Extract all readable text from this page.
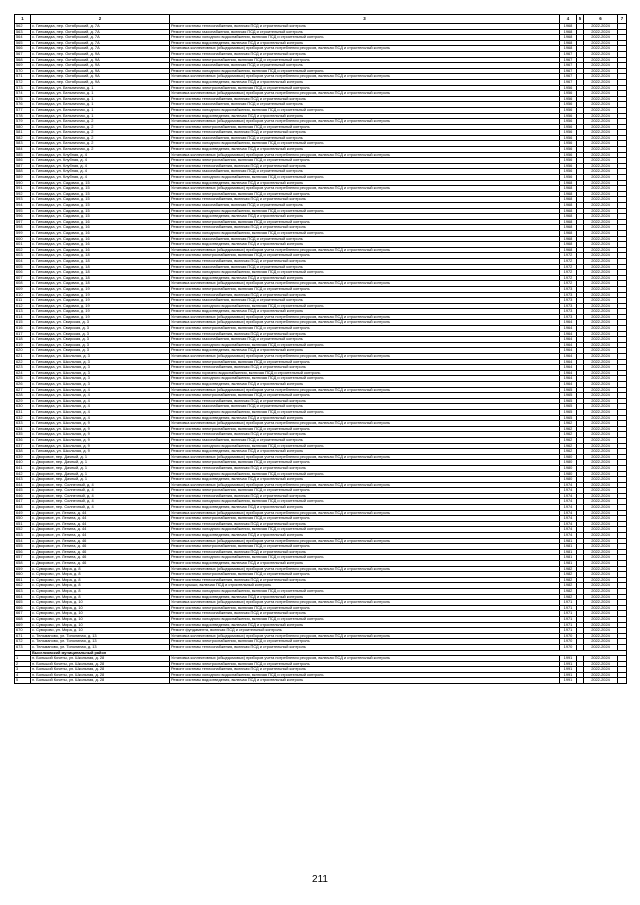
1	2	3	4	5	6	7
562	с. Гинкавдза, пер. Октябрьский, д. 7А	Ремонт системы теплоснабжения, включая ПСД и строительный контроль	1968		2022-2024	
563	с. Гинкавдза, пер. Октябрьский, д. 7А	Ремонт системы газоснабжения, включая ПСД и строительный контроль	1968		2022-2024	
564	с. Гинкавдза, пер. Октябрьский, д. 7А	Ремонт системы холодного водоснабжения, включая ПСД и строительный контроль	1968		2022-2024	
565	с. Гинкавдза, пер. Октябрьский, д. 7А	Ремонт системы водоотведения, включая ПСД и строительный контроль	1968		2022-2024	
566	с. Гинкавдза, пер. Октябрьский, д. 7А	Установка коллективных (общедомовых) приборов учета потребления ресурсов, включая ПСД и строительный контроль	1968		2022-2024	
567	с. Гинкавдза, пер. Октябрьский, д. 9А	Ремонт системы теплоснабжения, включая ПСД и строительный контроль	1967		2022-2024	
568	с. Гинкавдза, пер. Октябрьский, д. 9А	Ремонт системы электроснабжения, включая ПСД и строительный контроль	1967		2022-2024	
569	с. Гинкавдза, пер. Октябрьский, д. 9А	Ремонт системы газоснабжения, включая ПСД и строительный контроль	1967		2022-2024	
570	с. Гинкавдза, пер. Октябрьский, д. 9А	Ремонт системы холодного водоснабжения, включая ПСД и строительный контроль	1967		2022-2024	
571	с. Гинкавдза, пер. Октябрьский, д. 9А	Установка коллективных (общедомовых) приборов учета потребления ресурсов, включая ПСД и строительный контроль	1967		2022-2024	
572	с. Гинкавдза, пер. Октябрьский, д. 9А	Ремонт системы водоотведения, включая ПСД и строительный контроль	1967		2022-2024	
573	с. Гинкавдза, ул. Бельничная, д. 1	Ремонт системы электроснабжения, включая ПСД и строительный контроль	1956		2022-2024	
574	с. Гинкавдза, ул. Бельничная, д. 1	Установка коллективных (общедомовых) приборов учета потребления ресурсов, включая ПСД и строительный контроль	1956		2022-2024	
575	с. Гинкавдза, ул. Бельничная, д. 1	Ремонт системы теплоснабжения, включая ПСД и строительный контроль	1956		2022-2024	
576	с. Гинкавдза, ул. Бельничная, д. 1	Ремонт системы газоснабжения, включая ПСД и строительный контроль	1956		2022-2024	
577	с. Гинкавдза, ул. Бельничная, д. 1	Ремонт системы холодного водоснабжения, включая ПСД и строительный контроль	1956		2022-2024	
578	с. Гинкавдза, ул. Бельничная, д. 1	Ремонт системы водоотведения, включая ПСД и строительный контроль	1956		2022-2024	
579	с. Гинкавдза, ул. Бельничная, д. 2	Установка коллективных (общедомовых) приборов учета потребления ресурсов, включая ПСД и строительный контроль	1956		2022-2024	
580	с. Гинкавдза, ул. Бельничная, д. 2	Ремонт системы электроснабжения, включая ПСД и строительный контроль	1956		2022-2024	
581	с. Гинкавдза, ул. Бельничная, д. 2	Ремонт системы теплоснабжения, включая ПСД и строительный контроль	1956		2022-2024	
582	с. Гинкавдза, ул. Бельничная, д. 2	Ремонт системы газоснабжения, включая ПСД и строительный контроль	1956		2022-2024	
583	с. Гинкавдза, ул. Бельничная, д. 2	Ремонт системы холодного водоснабжения, включая ПСД и строительный контроль	1956		2022-2024	
584	с. Гинкавдза, ул. Бельничная, д. 2	Ремонт системы водоотведения, включая ПСД и строительный контроль	1956		2022-2024	
585	с. Гинкавдза, ул. Клубная, д. 4	Установка коллективных (общедомовых) приборов учета потребления ресурсов, включая ПСД и строительный контроль	1956		2022-2024	
586	с. Гинкавдза, ул. Клубная, д. 4	Ремонт системы электроснабжения, включая ПСД и строительный контроль	1956		2022-2024	
587	с. Гинкавдза, ул. Клубная, д. 4	Ремонт системы теплоснабжения, включая ПСД и строительный контроль	1956		2022-2024	
588	с. Гинкавдза, ул. Клубная, д. 4	Ремонт системы газоснабжения, включая ПСД и строительный контроль	1956		2022-2024	
589	с. Гинкавдза, ул. Клубная, д. 4	Ремонт системы холодного водоснабжения, включая ПСД и строительный контроль	1956		2022-2024	
590	с. Гинкавдза, ул. Садовая, д. 15	Ремонт системы водоотведения, включая ПСД и строительный контроль	1968		2022-2024	
591	с. Гинкавдза, ул. Садовая, д. 15	Установка коллективных (общедомовых) приборов учета потребления ресурсов, включая ПСД и строительный контроль	1968		2022-2024	
592	с. Гинкавдза, ул. Садовая, д. 15	Ремонт системы электроснабжения, включая ПСД и строительный контроль	1968		2022-2024	
593	с. Гинкавдза, ул. Садовая, д. 15	Ремонт системы теплоснабжения, включая ПСД и строительный контроль	1968		2022-2024	
594	с. Гинкавдза, ул. Садовая, д. 15	Ремонт системы газоснабжения, включая ПСД и строительный контроль	1968		2022-2024	
595	с. Гинкавдза, ул. Садовая, д. 15	Ремонт системы холодного водоснабжения, включая ПСД и строительный контроль	1968		2022-2024	
596	с. Гинкавдза, ул. Садовая, д. 15	Ремонт системы водоотведения, включая ПСД и строительный контроль	1968		2022-2024	
597	с. Гинкавдза, ул. Садовая, д. 16	Ремонт системы электроснабжения, включая ПСД и строительный контроль	1968		2022-2024	
598	с. Гинкавдза, ул. Садовая, д. 16	Ремонт системы теплоснабжения, включая ПСД и строительный контроль	1968		2022-2024	
599	с. Гинкавдза, ул. Садовая, д. 16	Ремонт системы холодного водоснабжения, включая ПСД и строительный контроль	1968		2022-2024	
600	с. Гинкавдза, ул. Садовая, д. 16	Ремонт системы газоснабжения, включая ПСД и строительный контроль	1968		2022-2024	
601	с. Гинкавдза, ул. Садовая, д. 16	Ремонт системы водоотведения, включая ПСД и строительный контроль	1968		2022-2024	
602	с. Гинкавдза, ул. Садовая, д. 16	Установка коллективных (общедомовых) приборов учета потребления ресурсов, включая ПСД и строительный контроль	1968		2022-2024	
603	с. Гинкавдза, ул. Садовая, д. 18	Ремонт системы электроснабжения, включая ПСД и строительный контроль	1972		2022-2024	
604	с. Гинкавдза, ул. Садовая, д. 18	Ремонт системы теплоснабжения, включая ПСД и строительный контроль	1972		2022-2024	
605	с. Гинкавдза, ул. Садовая, д. 18	Ремонт системы газоснабжения, включая ПСД и строительный контроль	1972		2022-2024	
606	с. Гинкавдза, ул. Садовая, д. 18	Ремонт системы холодного водоснабжения, включая ПСД и строительный контроль	1972		2022-2024	
607	с. Гинкавдза, ул. Садовая, д. 18	Ремонт системы водоотведения, включая ПСД и строительный контроль	1972		2022-2024	
608	с. Гинкавдза, ул. Садовая, д. 18	Установка коллективных (общедомовых) приборов учета потребления ресурсов, включая ПСД и строительный контроль	1972		2022-2024	
609	с. Гинкавдза, ул. Садовая, д. 19	Ремонт системы электроснабжения, включая ПСД и строительный контроль	1973		2022-2024	
610	с. Гинкавдза, ул. Садовая, д. 19	Ремонт системы теплоснабжения, включая ПСД и строительный контроль	1973		2022-2024	
611	с. Гинкавдза, ул. Садовая, д. 19	Ремонт системы газоснабжения, включая ПСД и строительный контроль	1973		2022-2024	
612	с. Гинкавдза, ул. Садовая, д. 19	Ремонт системы холодного водоснабжения, включая ПСД и строительный контроль	1973		2022-2024	
613	с. Гинкавдза, ул. Садовая, д. 19	Ремонт системы водоотведения, включая ПСД и строительный контроль	1973		2022-2024	
614	с. Гинкавдза, ул. Садовая, д. 19	Установка коллективных (общедомовых) приборов учета потребления ресурсов, включая ПСД и строительный контроль	1973		2022-2024	
615	с. Гинкавдза, ул. Свирская, д. 3	Установка коллективных (общедомовых) приборов учета потребления ресурсов, включая ПСД и строительный контроль	1964		2022-2024	
616	с. Гинкавдза, ул. Свирская, д. 3	Ремонт системы электроснабжения, включая ПСД и строительный контроль	1964		2022-2024	
617	с. Гинкавдза, ул. Свирская, д. 3	Ремонт системы теплоснабжения, включая ПСД и строительный контроль	1964		2022-2024	
618	с. Гинкавдза, ул. Свирская, д. 3	Ремонт системы газоснабжения, включая ПСД и строительный контроль	1964		2022-2024	
619	с. Гинкавдза, ул. Свирская, д. 3	Ремонт системы холодного водоснабжения, включая ПСД и строительный контроль	1964		2022-2024	
620	с. Гинкавдза, ул. Свирская, д. 3	Ремонт системы водоотведения, включая ПСД и строительный контроль	1964		2022-2024	
621	с. Гинкавдза, ул. Школьная, д. 3	Установка коллективных (общедомовых) приборов учета потребления ресурсов, включая ПСД и строительный контроль	1964		2022-2024	
622	с. Гинкавдза, ул. Школьная, д. 3	Ремонт системы электроснабжения, включая ПСД и строительный контроль	1964		2022-2024	
623	с. Гинкавдза, ул. Школьная, д. 3	Ремонт системы теплоснабжения, включая ПСД и строительный контроль	1964		2022-2024	
624	с. Гинкавдза, ул. Школьная, д. 3	Ремонт системы горячего водоснабжения, включая ПСД и строительный контроль	1964		2022-2024	
625	с. Гинкавдза, ул. Школьная, д. 3	Ремонт системы холодного водоснабжения, включая ПСД и строительный контроль	1964		2022-2024	
626	с. Гинкавдза, ул. Школьная, д. 3	Ремонт системы водоотведения, включая ПСД и строительный контроль	1964		2022-2024	
627	с. Гинкавдза, ул. Школьная, д. 4	Установка коллективных (общедомовых) приборов учета потребления ресурсов, включая ПСД и строительный контроль	1965		2022-2024	
628	с. Гинкавдза, ул. Школьная, д. 4	Ремонт системы электроснабжения, включая ПСД и строительный контроль	1965		2022-2024	
629	с. Гинкавдза, ул. Школьная, д. 4	Ремонт системы теплоснабжения, включая ПСД и строительный контроль	1965		2022-2024	
630	с. Гинкавдза, ул. Школьная, д. 4	Ремонт системы газоснабжения, включая ПСД и строительный контроль	1965		2022-2024	
631	с. Гинкавдза, ул. Школьная, д. 4	Ремонт системы холодного водоснабжения, включая ПСД и строительный контроль	1965		2022-2024	
632	с. Гинкавдза, ул. Школьная, д. 4	Ремонт системы водоотведения, включая ПСД и строительный контроль	1965		2022-2024	
633	с. Гинкавдза, ул. Школьная, д. 9	Установка коллективных (общедомовых) приборов учета потребления ресурсов, включая ПСД и строительный контроль	1962		2022-2024	
634	с. Гинкавдза, ул. Школьная, д. 9	Ремонт системы электроснабжения, включая ПСД и строительный контроль	1962		2022-2024	
635	с. Гинкавдза, ул. Школьная, д. 9	Ремонт системы теплоснабжения, включая ПСД и строительный контроль	1962		2022-2024	
636	с. Гинкавдза, ул. Школьная, д. 9	Ремонт системы газоснабжения, включая ПСД и строительный контроль	1962		2022-2024	
637	с. Гинкавдза, ул. Школьная, д. 9	Ремонт системы холодного водоснабжения, включая ПСД и строительный контроль	1962		2022-2024	
638	с. Гинкавдза, ул. Школьная, д. 9	Ремонт системы водоотведения, включая ПСД и строительный контроль	1962		2022-2024	
639	с. Дворовое, пер. Дачный, д. 1	Установка коллективных (общедомовых) приборов учета потребления ресурсов, включая ПСД и строительный контроль	1980		2022-2024	
640	с. Дворовое, пер. Дачный, д. 1	Ремонт системы электроснабжения, включая ПСД и строительный контроль	1980		2022-2024	
641	с. Дворовое, пер. Дачный, д. 1	Ремонт системы теплоснабжения, включая ПСД и строительный контроль	1980		2022-2024	
642	с. Дворовое, пер. Дачный, д. 1	Ремонт системы холодного водоснабжения, включая ПСД и строительный контроль	1980		2022-2024	
643	с. Дворовое, пер. Дачный, д. 1	Ремонт системы водоотведения, включая ПСД и строительный контроль	1980		2022-2024	
644	с. Дворовое, пер. Солнечный, д. 4	Установка коллективных (общедомовых) приборов учета потребления ресурсов, включая ПСД и строительный контроль	1974		2022-2024	
645	с. Дворовое, пер. Солнечный, д. 4	Ремонт системы электроснабжения, включая ПСД и строительный контроль	1974		2022-2024	
646	с. Дворовое, пер. Солнечный, д. 4	Ремонт системы теплоснабжения, включая ПСД и строительный контроль	1974		2022-2024	
647	с. Дворовое, пер. Солнечный, д. 4	Ремонт системы холодного водоснабжения, включая ПСД и строительный контроль	1974		2022-2024	
648	с. Дворовое, пер. Солнечный, д. 4	Ремонт системы водоотведения, включая ПСД и строительный контроль	1974		2022-2024	
649	с. Дворовое, ул. Ленина, д. 44	Установка коллективных (общедомовых) приборов учета потребления ресурсов, включая ПСД и строительный контроль	1974		2022-2024	
650	с. Дворовое, ул. Ленина, д. 44	Ремонт системы электроснабжения, включая ПСД и строительный контроль	1974		2022-2024	
651	с. Дворовое, ул. Ленина, д. 44	Ремонт системы теплоснабжения, включая ПСД и строительный контроль	1974		2022-2024	
652	с. Дворовое, ул. Ленина, д. 44	Ремонт системы холодного водоснабжения, включая ПСД и строительный контроль	1974		2022-2024	
653	с. Дворовое, ул. Ленина, д. 44	Ремонт системы водоотведения, включая ПСД и строительный контроль	1974		2022-2024	
654	с. Дворовое, ул. Ленина, д. 46	Установка коллективных (общедомовых) приборов учета потребления ресурсов, включая ПСД и строительный контроль	1981		2022-2024	
655	с. Дворовое, ул. Ленина, д. 46	Ремонт системы электроснабжения, включая ПСД и строительный контроль	1981		2022-2024	
656	с. Дворовое, ул. Ленина, д. 46	Ремонт системы теплоснабжения, включая ПСД и строительный контроль	1981		2022-2024	
657	с. Дворовое, ул. Ленина, д. 46	Ремонт системы холодного водоснабжения, включая ПСД и строительный контроль	1981		2022-2024	
658	с. Дворовое, ул. Ленина, д. 46	Ремонт системы водоотведения, включая ПСД и строительный контроль	1981		2022-2024	
659	с. Суворово, ул. Мира, д. 8	Установка коллективных (общедомовых) приборов учета потребления ресурсов, включая ПСД и строительный контроль	1982		2022-2024	
660	с. Суворово, ул. Мира, д. 8	Ремонт системы электроснабжения, включая ПСД и строительный контроль	1982		2022-2024	
661	с. Суворово, ул. Мира, д. 8	Ремонт системы теплоснабжения, включая ПСД и строительный контроль	1982		2022-2024	
662	с. Суворово, ул. Мира, д. 8	Ремонт крыши, включая ПСД и строительный контроль	1982		2022-2024	
663	с. Суворово, ул. Мира, д. 8	Ремонт системы холодного водоснабжения, включая ПСД и строительный контроль	1982		2022-2024	
664	с. Суворово, ул. Мира, д. 8	Ремонт системы водоотведения, включая ПСД и строительный контроль	1982		2022-2024	
665	с. Суворово, ул. Мира, д. 10	Установка коллективных (общедомовых) приборов учета потребления ресурсов, включая ПСД и строительный контроль	1971		2022-2024	
666	с. Суворово, ул. Мира, д. 10	Ремонт системы электроснабжения, включая ПСД и строительный контроль	1971		2022-2024	
667	с. Суворово, ул. Мира, д. 10	Ремонт системы теплоснабжения, включая ПСД и строительный контроль	1971		2022-2024	
668	с. Суворово, ул. Мира, д. 10	Ремонт системы холодного водоснабжения, включая ПСД и строительный контроль	1971		2022-2024	
669	с. Суворово, ул. Мира, д. 10	Ремонт системы водоотведения, включая ПСД и строительный контроль	1971		2022-2024	
670	с. Суворово, ул. Мира, д. 10	Ремонт фундамента, включая ПСД и строительный контроль	1971		2022-2024	
671	с. Тельманово, ул. Тополиная, д. 13	Установка коллективных (общедомовых) приборов учета потребления ресурсов, включая ПСД и строительный контроль	1970		2022-2024	
672	с. Тельманово, ул. Тополиная, д. 13	Ремонт системы электроснабжения, включая ПСД и строительный контроль	1970		2022-2024	
673	с. Тельманово, ул. Тополиная, д. 13	Ремонт системы теплоснабжения, включая ПСД и строительный контроль	1970		2022-2024	
	Выселковский муниципальный район					
1	п. Большой Кочеты, ул. Школьная, д. 28	Установка коллективных (общедомовых) приборов учета потребления ресурсов, включая ПСД и строительный контроль	1991		2022-2024	
2	п. Большой Кочеты, ул. Школьная, д. 28	Ремонт системы электроснабжения, включая ПСД и строительный контроль	1991		2022-2024	
3	п. Большой Кочеты, ул. Школьная, д. 28	Ремонт системы теплоснабжения, включая ПСД и строительный контроль	1991		2022-2024	
4	п. Большой Кочеты, ул. Школьная, д. 28	Ремонт системы холодного водоснабжения, включая ПСД и строительный контроль	1991		2022-2024	
5	п. Большой Кочеты, ул. Школьная, д. 28	Ремонт системы водоотведения, включая ПСД и строительный контроль	1991		2022-2024	
211
